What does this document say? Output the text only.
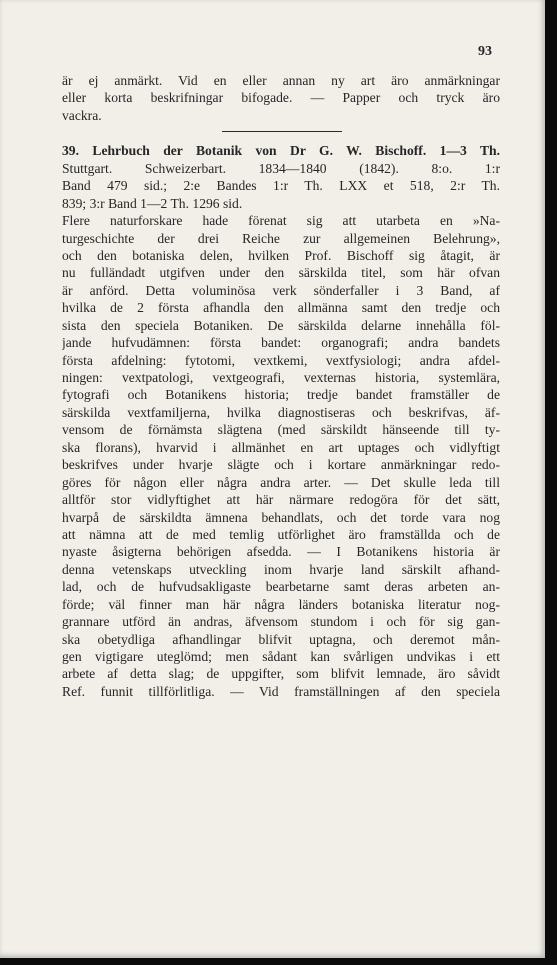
93
är ej anmärkt. Vid en eller annan ny art äro anmärkningar
eller korta beskrifningar bifogade. — Papper och tryck äro
vackra.
39. Lehrbuch der Botanik von Dr G. W. Bischoff. 1—3 Th.
Stuttgart. Schweizerbart. 1834—1840 (1842). 8:o. 1:r
Band 479 sid.; 2:e Bandes 1:r Th. LXX et 518, 2:r Th.
839; 3:r Band 1—2 Th. 1296 sid.
Flere naturforskare hade förenat sig att utarbeta en »Na-
turgeschichte der drei Reiche zur allgemeinen Belehrung»,
och den botaniska delen, hvilken Prof. Bischoff sig åtagit, är
nu fulländadt utgifven under den särskilda titel, som här ofvan
är anförd. Detta voluminösa verk sönderfaller i 3 Band, af
hvilka de 2 första afhandla den allmänna samt den tredje och
sista den speciela Botaniken. De särskilda delarne innehålla föl-
jande hufvudämnen: första bandet: organografi; andra bandets
första afdelning: fytotomi, vextkemi, vextfysiologi; andra afdel-
ningen: vextpatologi, vextgeografi, vexternas historia, systemlära,
fytografi och Botanikens historia; tredje bandet framställer de
särskilda vextfamiljerna, hvilka diagnostiseras och beskrifvas, äf-
vensom de förnämsta slägtena (med särskildt hänseende till ty-
ska florans), hvarvid i allmänhet en art uptages och vidlyftigt
beskrifves under hvarje slägte och i kortare anmärkningar redo-
göres för någon eller några andra arter. — Det skulle leda till
alltför stor vidlyftighet att här närmare redogöra för det sätt,
hvarpå de särskildta ämnena behandlats, och det torde vara nog
att nämna att de med temlig utförlighet äro framställda och de
nyaste åsigterna behörigen afsedda. — I Botanikens historia är
denna vetenskaps utveckling inom hvarje land särskilt afhand-
lad, och de hufvudsakligaste bearbetarne samt deras arbeten an-
förde; väl finner man här några länders botaniska literatur nog-
grannare utförd än andras, äfvensom stundom i och för sig gan-
ska obetydliga afhandlingar blifvit uptagna, och deremot mån-
gen vigtigare uteglömd; men sådant kan svårligen undvikas i ett
arbete af detta slag; de uppgifter, som blifvit lemnade, äro såvidt
Ref. funnit tillförlitliga. — Vid framställningen af den speciela
